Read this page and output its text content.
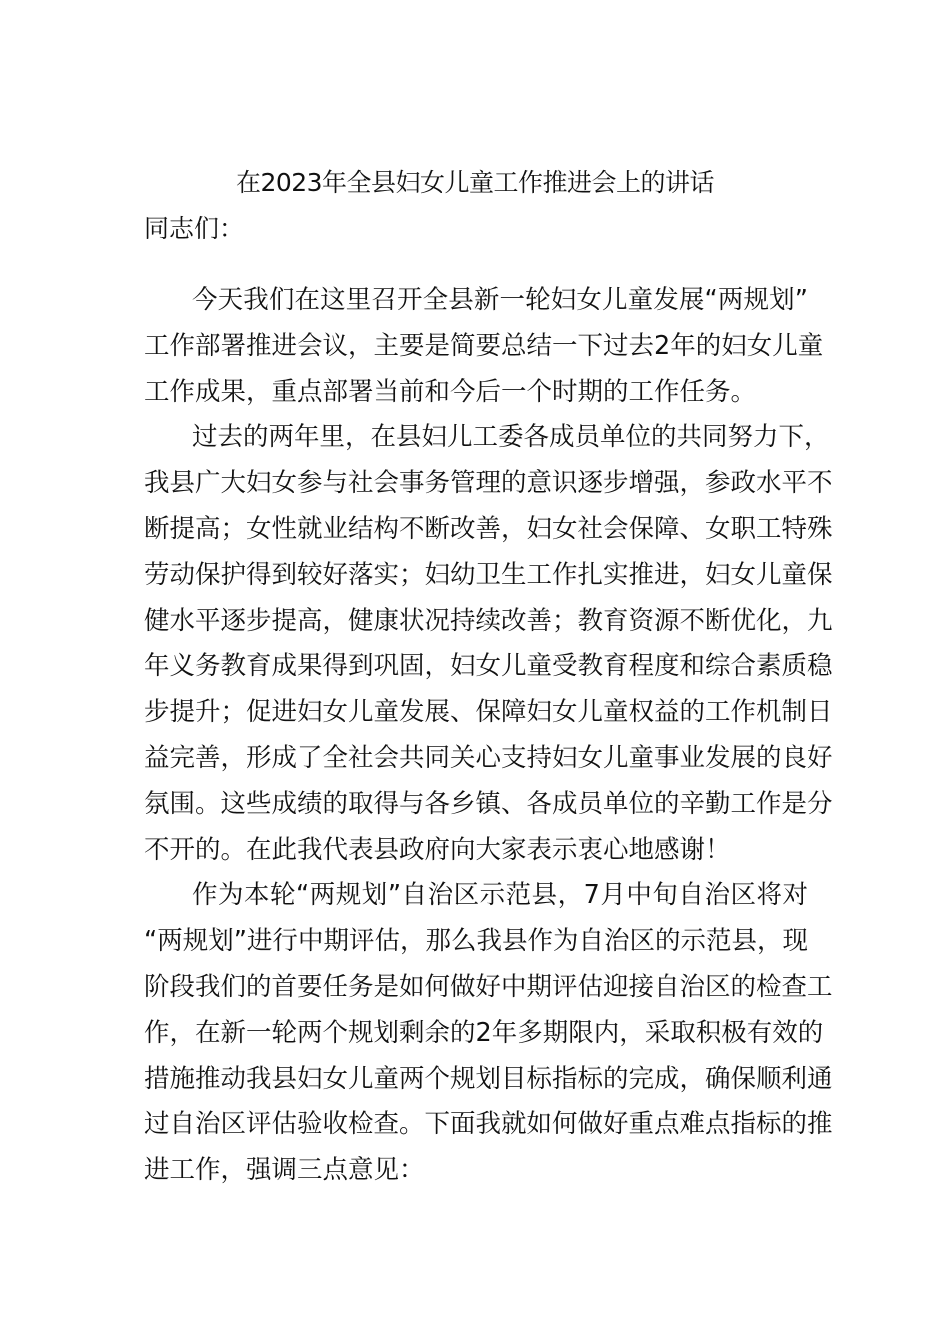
在2023年全县妇女儿童工作推进会上的讲话
同志们：
今天我们在这里召开全县新一轮妇女儿童发展“两规划”
工作部署推进会议，主要是简要总结一下过去2年的妇女儿童
工作成果，重点部署当前和今后一个时期的工作任务。
过去的两年里，在县妇儿工委各成员单位的共同努力下，
我县广大妇女参与社会事务管理的意识逐步增强，参政水平不
断提高；女性就业结构不断改善，妇女社会保障、女职工特殊
劳动保护得到较好落实；妇幼卫生工作扎实推进，妇女儿童保
健水平逐步提高，健康状况持续改善；教育资源不断优化，九
年义务教育成果得到巩固，妇女儿童受教育程度和综合素质稳
步提升；促进妇女儿童发展、保障妇女儿童权益的工作机制日
益完善，形成了全社会共同关心支持妇女儿童事业发展的良好
氛围。这些成绩的取得与各乡镇、各成员单位的辛勤工作是分
不开的。在此我代表县政府向大家表示衷心地感谢！
作为本轮“两规划”自治区示范县，7月中旬自治区将对
“两规划”进行中期评估，那么我县作为自治区的示范县，现
阶段我们的首要任务是如何做好中期评估迎接自治区的检查工
作，在新一轮两个规划剩余的2年多期限内，采取积极有效的
措施推动我县妇女儿童两个规划目标指标的完成，确保顺利通
过自治区评估验收检查。下面我就如何做好重点难点指标的推
进工作，强调三点意见：
